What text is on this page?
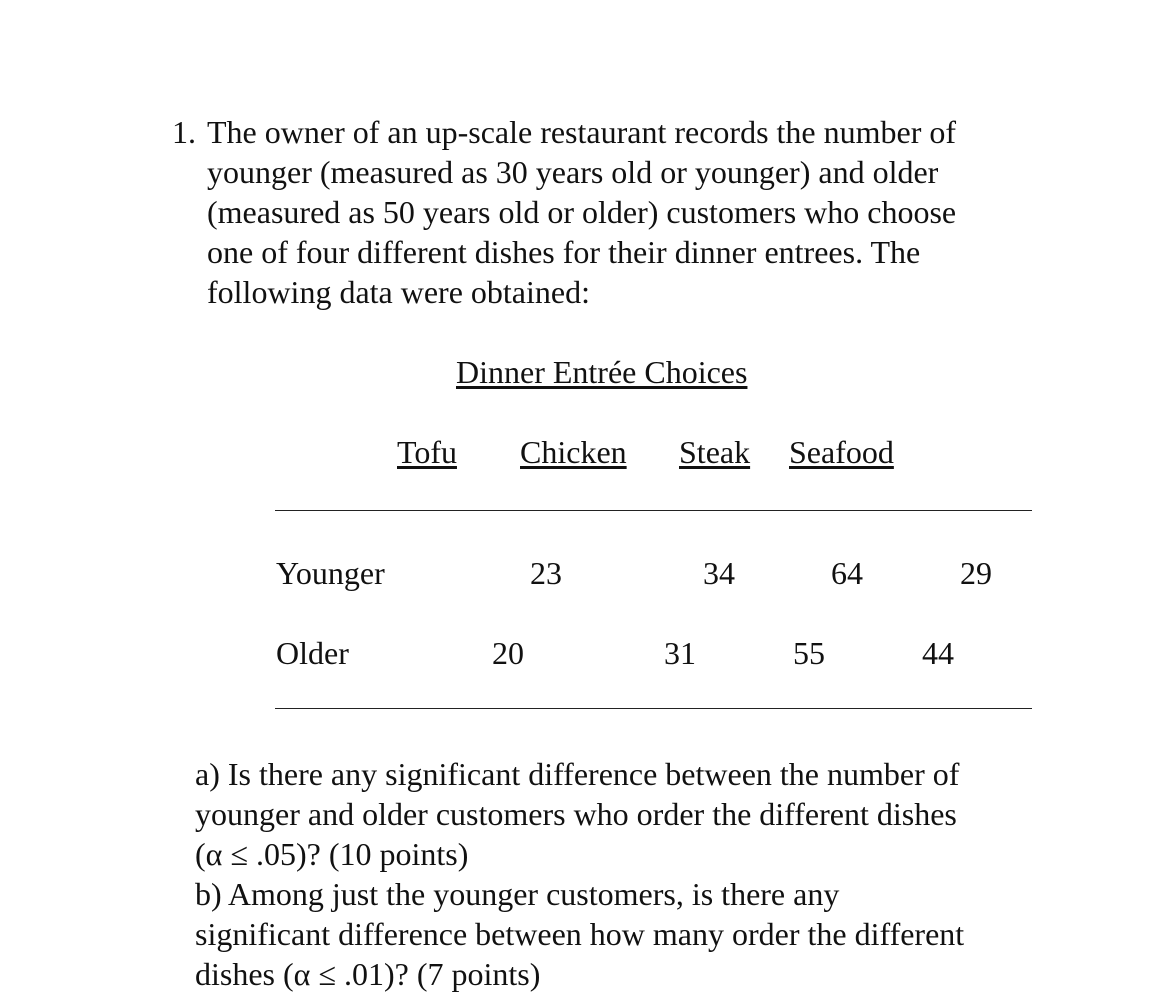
1. The owner of an up-scale restaurant records the number of
younger (measured as 30 years old or younger) and older
(measured as 50 years old or older) customers who choose
one of four different dishes for their dinner entrees. The
following data were obtained:
Dinner Entrée Choices
Tofu Chicken Steak Seafood
Younger	23	34	64	29
Older	20	31	55	44
a) Is there any significant difference between the number of
younger and older customers who order the different dishes
(α ≤ .05)? (10 points)
b) Among just the younger customers, is there any
significant difference between how many order the different
dishes (α ≤ .01)? (7 points)
